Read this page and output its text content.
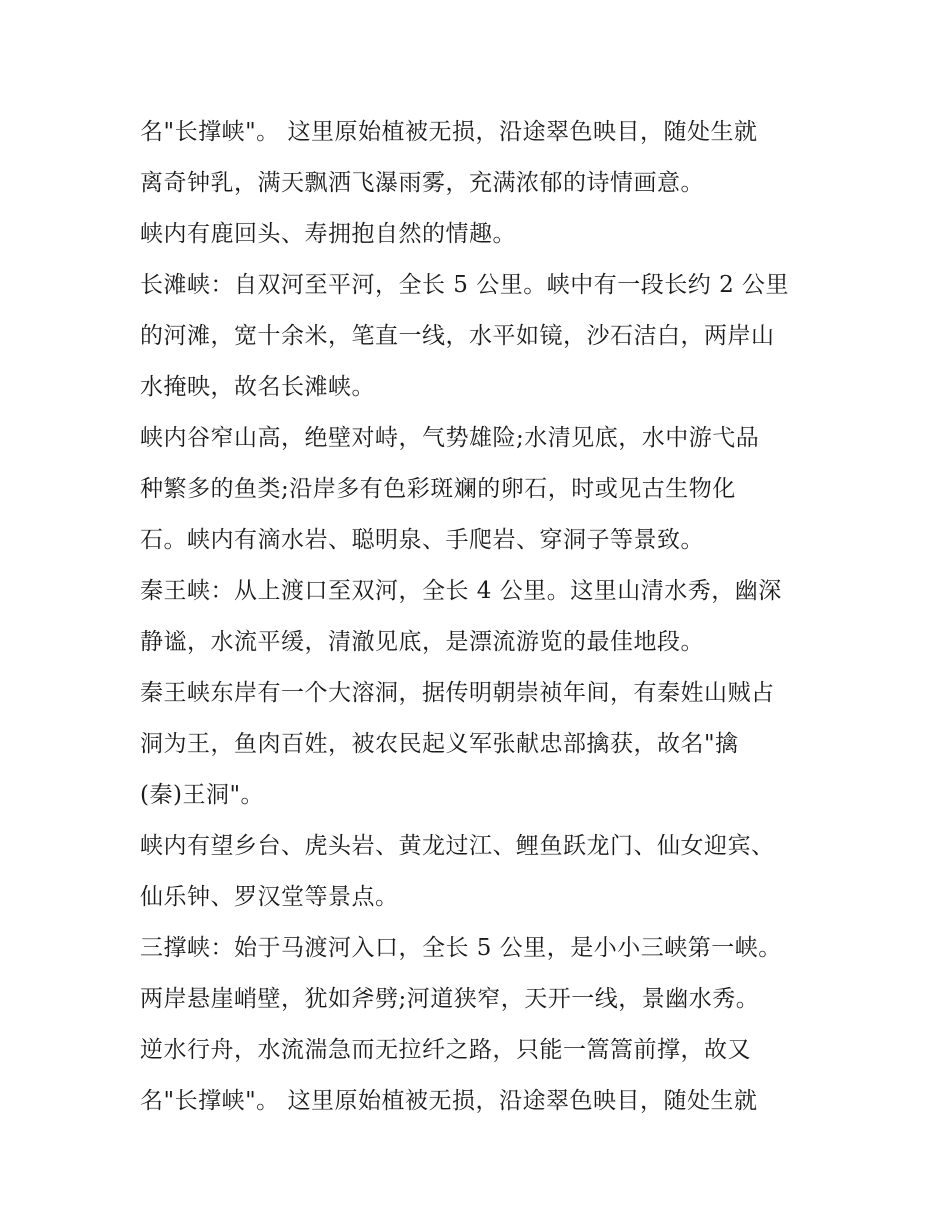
名"长撑峡"。 这里原始植被无损，沿途翠色映目，随处生就
离奇钟乳，满天飘洒飞瀑雨雾，充满浓郁的诗情画意。
峡内有鹿回头、寿拥抱自然的情趣。
长滩峡：自双河至平河，全长 5 公里。峡中有一段长约 2 公里
的河滩，宽十余米，笔直一线，水平如镜，沙石洁白，两岸山
水掩映，故名长滩峡。
峡内谷窄山高，绝壁对峙，气势雄险;水清见底，水中游弋品
种繁多的鱼类;沿岸多有色彩斑斓的卵石，时或见古生物化
石。峡内有滴水岩、聪明泉、手爬岩、穿洞子等景致。
秦王峡：从上渡口至双河，全长 4 公里。这里山清水秀，幽深
静谧，水流平缓，清澈见底，是漂流游览的最佳地段。
秦王峡东岸有一个大溶洞，据传明朝崇祯年间，有秦姓山贼占
洞为王，鱼肉百姓，被农民起义军张献忠部擒获，故名"擒
(秦)王洞"。
峡内有望乡台、虎头岩、黄龙过江、鲤鱼跃龙门、仙女迎宾、
仙乐钟、罗汉堂等景点。
三撑峡：始于马渡河入口，全长 5 公里，是小小三峡第一峡。
两岸悬崖峭壁，犹如斧劈;河道狭窄，天开一线，景幽水秀。
逆水行舟，水流湍急而无拉纤之路，只能一篙篙前撑，故又
名"长撑峡"。 这里原始植被无损，沿途翠色映目，随处生就
